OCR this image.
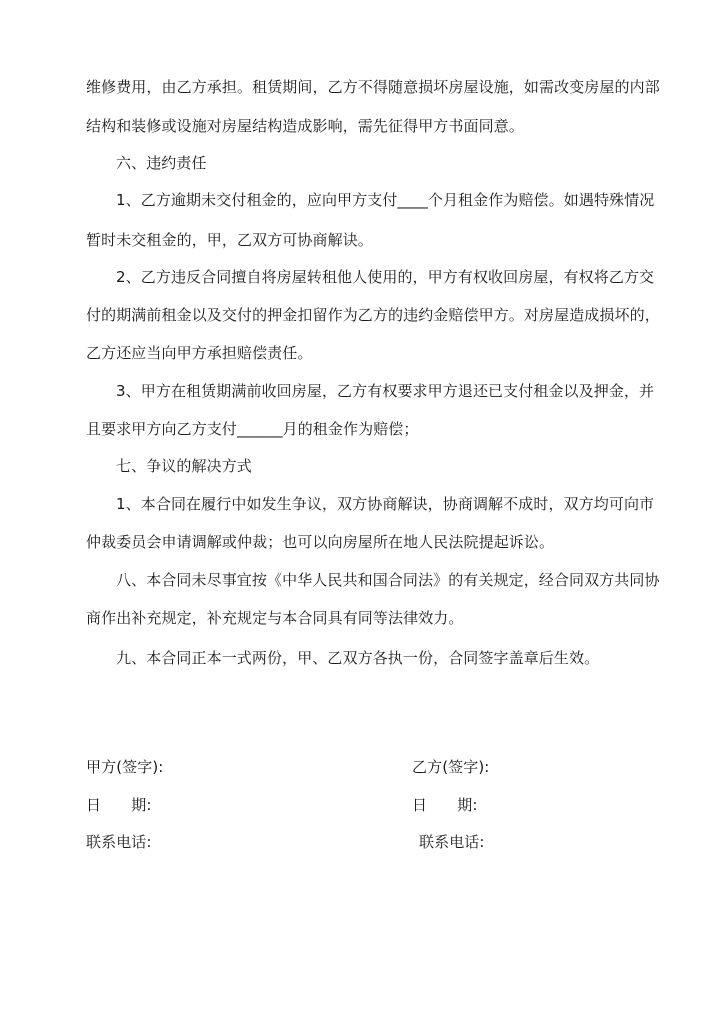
维修费用，由乙方承担。租赁期间，乙方不得随意损坏房屋设施，如需改变房屋的内部
结构和装修或设施对房屋结构造成影响，需先征得甲方书面同意。
六、违约责任
1、乙方逾期未交付租金的，应向甲方支付____个月租金作为赔偿。如遇特殊情况
暂时未交租金的，甲，乙双方可协商解诀。
2、乙方违反合同擅自将房屋转租他人使用的，甲方有权收回房屋，有权将乙方交
付的期满前租金以及交付的押金扣留作为乙方的违约金赔偿甲方。对房屋造成损坏的，
乙方还应当向甲方承担赔偿责任。
3、甲方在租赁期满前收回房屋，乙方有权要求甲方退还已支付租金以及押金，并
且要求甲方向乙方支付______月的租金作为赔偿；
七、争议的解决方式
1、本合同在履行中如发生争议，双方协商解诀，协商调解不成时，双方均可向市
仲裁委员会申请调解或仲裁；也可以向房屋所在地人民法院提起诉讼。
八、本合同未尽事宜按《中华人民共和国合同法》的有关规定，经合同双方共同协
商作出补充规定，补充规定与本合同具有同等法律效力。
九、本合同正本一式两份，甲、乙双方各执一份，合同签字盖章后生效。
甲方(签字):	乙方(签字):
日　　期:	日　　期:
联系电话:	联系电话:
